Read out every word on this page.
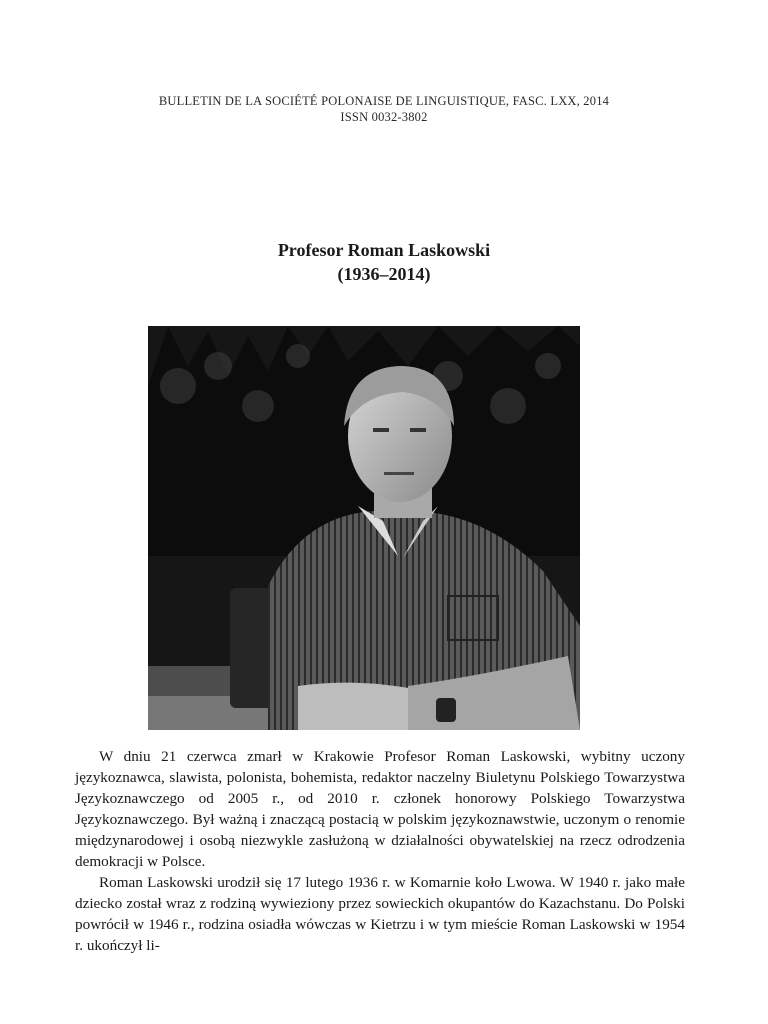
BULLETIN DE LA SOCIÉTÉ POLONAISE DE LINGUISTIQUE, FASC. LXX, 2014
ISSN 0032-3802
Profesor Roman Laskowski
(1936–2014)

W dniu 21 czerwca zmarł w Krakowie Profesor Roman Laskowski, wybitny uczony językoznawca, slawista, polonista, bohemista, redaktor naczelny Biuletynu Polskiego Towarzystwa Językoznawczego od 2005 r., od 2010 r. członek honorowy Polskiego Towarzystwa Językoznawczego. Był ważną i znaczącą postacią w polskim językoznawstwie, uczonym o renomie międzynarodowej i osobą niezwykle zasłużoną w działalności obywatelskiej na rzecz odrodzenia demokracji w Polsce.

Roman Laskowski urodził się 17 lutego 1936 r. w Komarnie koło Lwowa. W 1940 r. jako małe dziecko został wraz z rodziną wywieziony przez sowieckich okupantów do Kazachstanu. Do Polski powrócił w 1946 r., rodzina osiadła wówczas w Kietrzu i w tym mieście Roman Laskowski w 1954 r. ukończył li-
